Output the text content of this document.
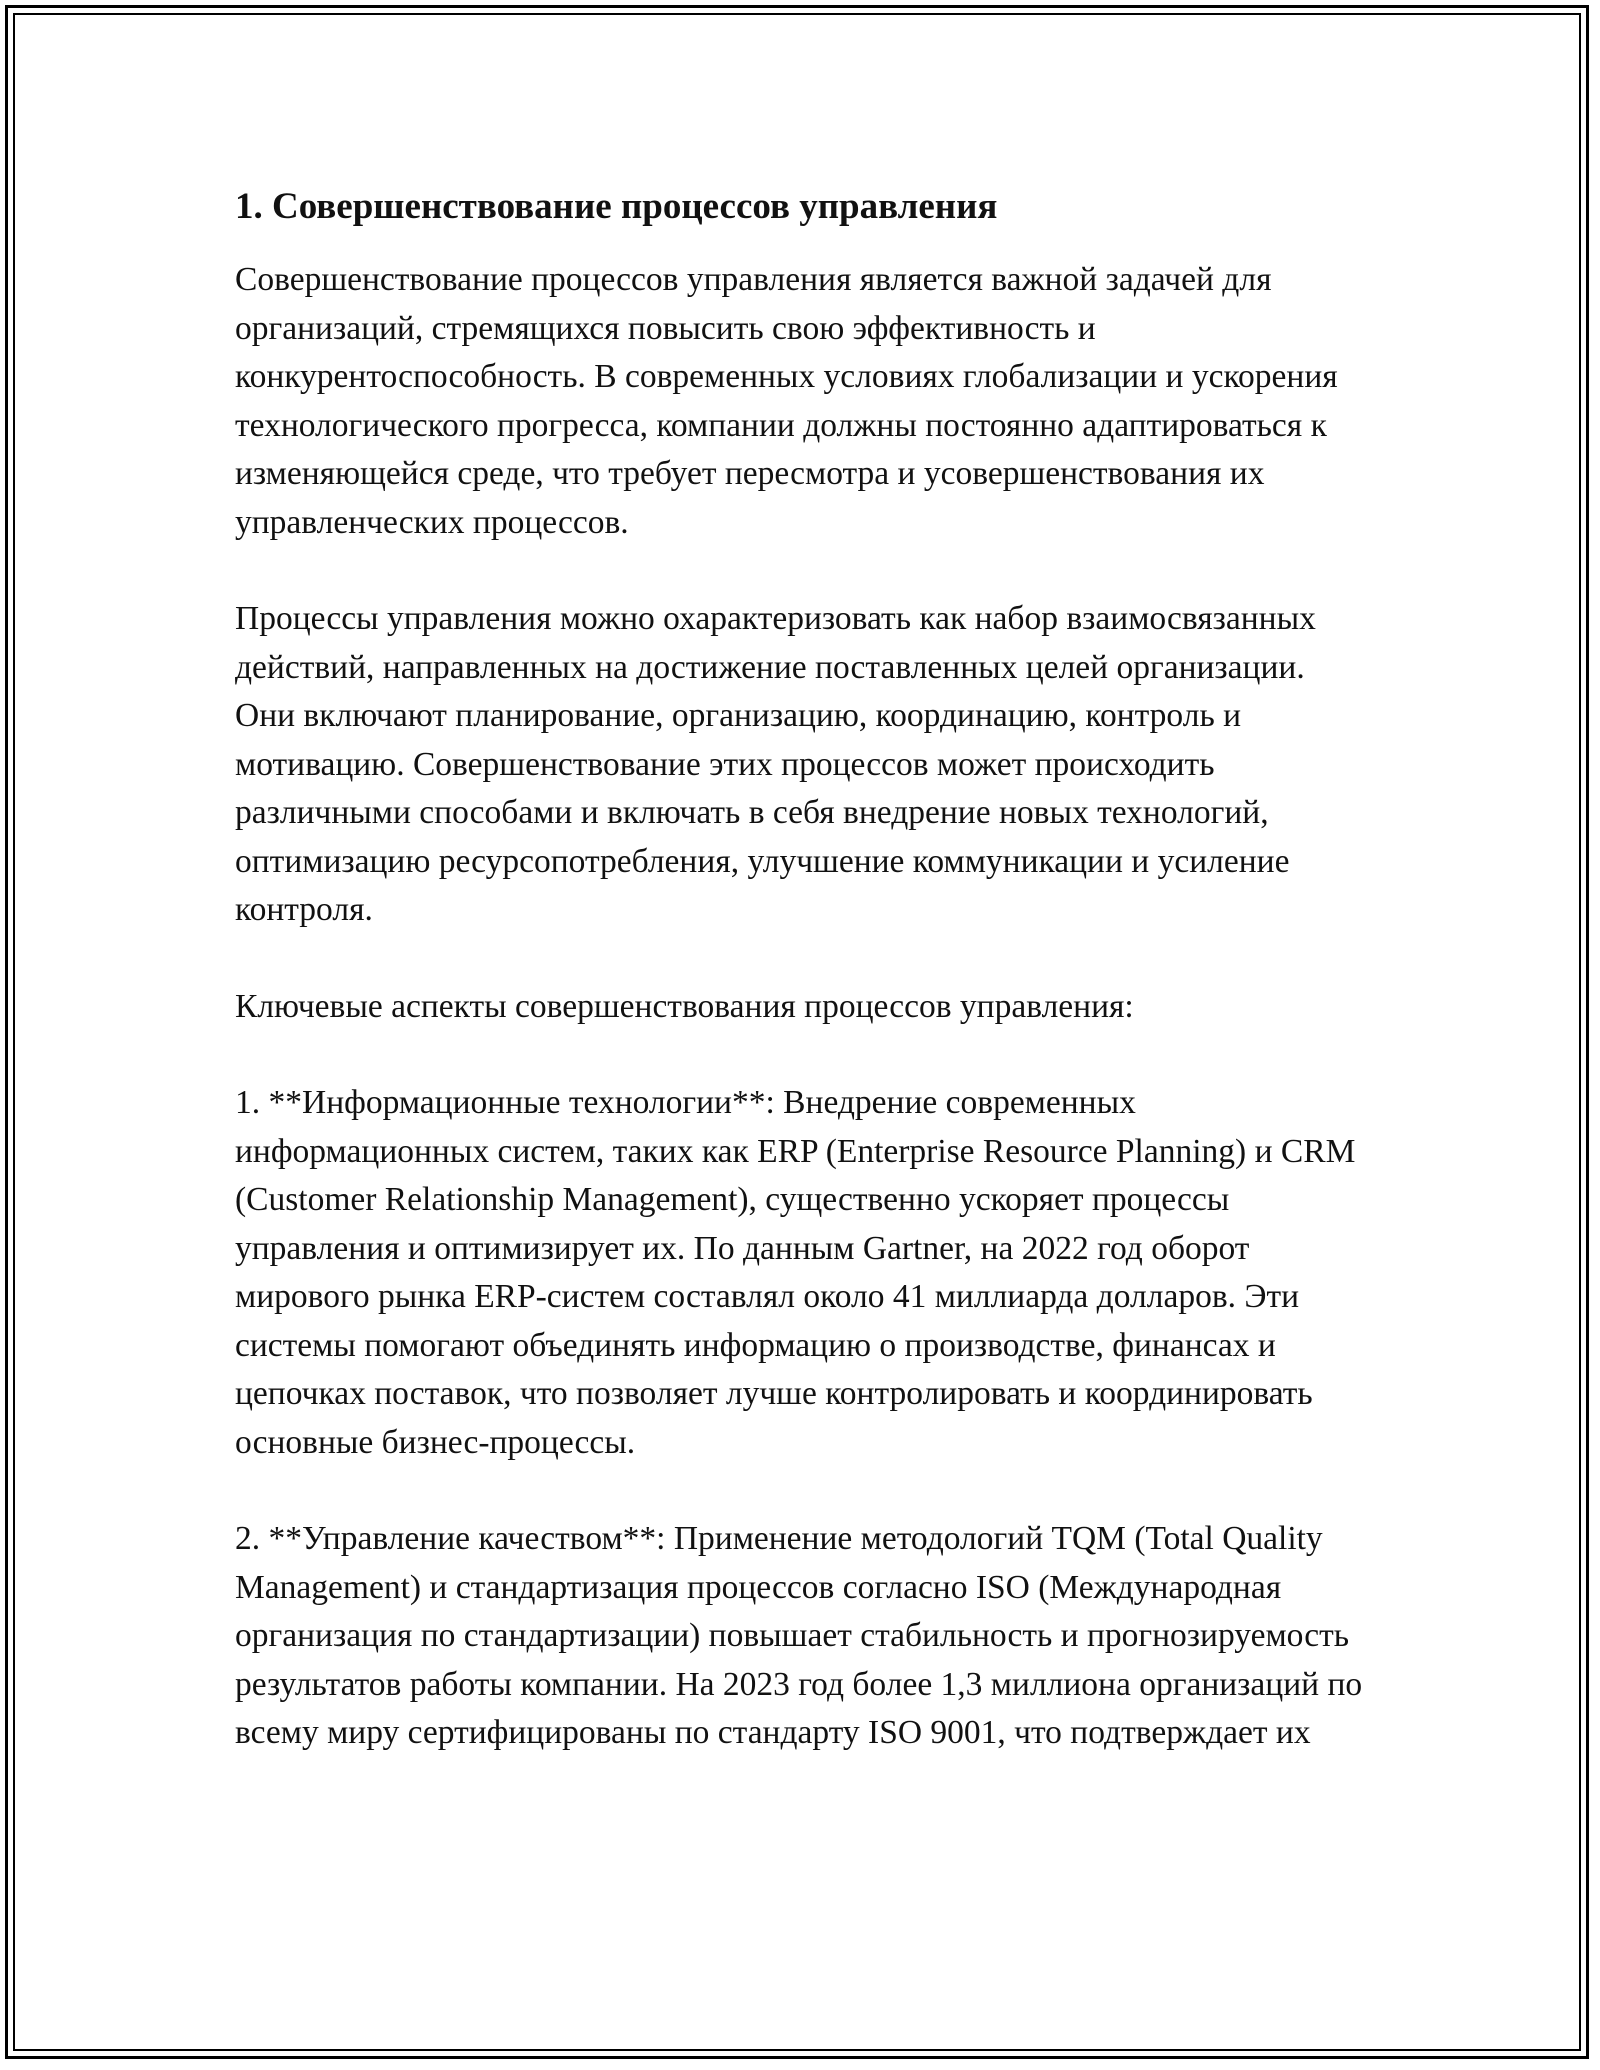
1. Совершенствование процессов управления

Совершенствование процессов управления является важной задачей для организаций, стремящихся повысить свою эффективность и конкурентоспособность. В современных условиях глобализации и ускорения технологического прогресса, компании должны постоянно адаптироваться к изменяющейся среде, что требует пересмотра и усовершенствования их управленческих процессов.

Процессы управления можно охарактеризовать как набор взаимосвязанных действий, направленных на достижение поставленных целей организации. Они включают планирование, организацию, координацию, контроль и мотивацию. Совершенствование этих процессов может происходить различными способами и включать в себя внедрение новых технологий, оптимизацию ресурсопотребления, улучшение коммуникации и усиление контроля.

Ключевые аспекты совершенствования процессов управления:

1. **Информационные технологии**: Внедрение современных информационных систем, таких как ERP (Enterprise Resource Planning) и CRM (Customer Relationship Management), существенно ускоряет процессы управления и оптимизирует их. По данным Gartner, на 2022 год оборот мирового рынка ERP-систем составлял около 41 миллиарда долларов. Эти системы помогают объединять информацию о производстве, финансах и цепочках поставок, что позволяет лучше контролировать и координировать основные бизнес-процессы.

2. **Управление качеством**: Применение методологий TQM (Total Quality Management) и стандартизация процессов согласно ISO (Международная организация по стандартизации) повышает стабильность и прогнозируемость результатов работы компании. На 2023 год более 1,3 миллиона организаций по всему миру сертифицированы по стандарту ISO 9001, что подтверждает их
